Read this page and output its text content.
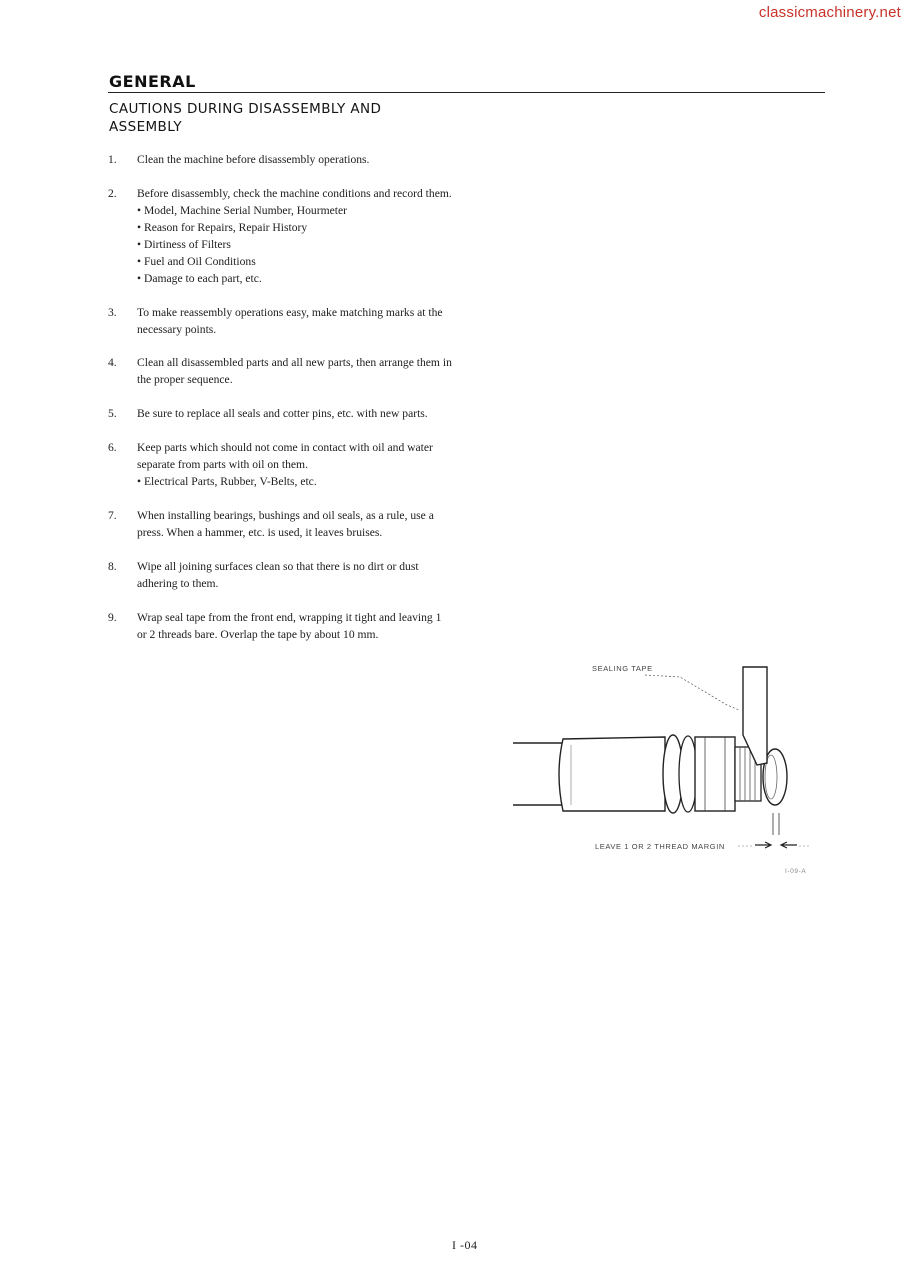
classicmachinery.net
GENERAL
CAUTIONS DURING DISASSEMBLY AND ASSEMBLY
1.	Clean the machine before disassembly operations.
2.	Before disassembly, check the machine conditions and record them.
• Model, Machine Serial Number, Hourmeter
• Reason for Repairs, Repair History
• Dirtiness of Filters
• Fuel and Oil Conditions
• Damage to each part, etc.
3.	To make reassembly operations easy, make matching marks at the necessary points.
4.	Clean all disassembled parts and all new parts, then arrange them in the proper sequence.
5.	Be sure to replace all seals and cotter pins, etc. with new parts.
6.	Keep parts which should not come in contact with oil and water separate from parts with oil on them.
• Electrical Parts, Rubber, V-Belts, etc.
7.	When installing bearings, bushings and oil seals, as a rule, use a press. When a hammer, etc. is used, it leaves bruises.
8.	Wipe all joining surfaces clean so that there is no dirt or dust adhering to them.
9.	Wrap seal tape from the front end, wrapping it tight and leaving 1 or 2 threads bare. Overlap the tape by about 10 mm.
SEALING TAPE
LEAVE 1 OR 2 THREAD MARGIN
I-09-A
I -04
